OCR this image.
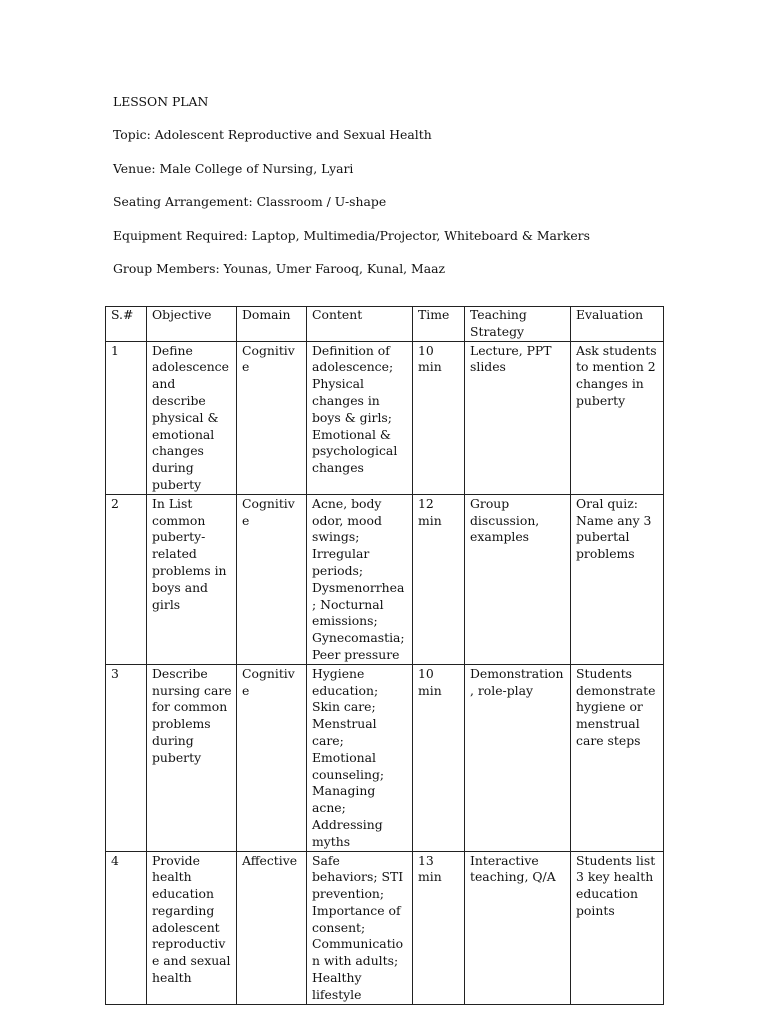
LESSON PLAN
Topic: Adolescent Reproductive and Sexual Health
Venue: Male College of Nursing, Lyari
Seating Arrangement: Classroom / U-shape
Equipment Required: Laptop, Multimedia/Projector, Whiteboard & Markers
Group Members: Younas, Umer Farooq, Kunal, Maaz
S.#	Objective	Domain	Content	Time	Teaching Strategy	Evaluation

1	Define adolescence and describe physical & emotional changes during puberty	Cognitive	Definition of adolescence; Physical changes in boys & girls; Emotional & psychological changes	10 min	Lecture, PPT slides	Ask students to mention 2 changes in puberty

2	In List common puberty-related problems in boys and girls	Cognitive	Acne, body odor, mood swings; Irregular periods; Dysmenorrhea; Nocturnal emissions; Gynecomastia; Peer pressure	12 min	Group discussion, examples	Oral quiz: Name any 3 pubertal problems

3	Describe nursing care for common problems during puberty	Cognitive	Hygiene education; Skin care; Menstrual care; Emotional counseling; Managing acne; Addressing myths	10 min	Demonstration, role-play	Students demonstrate hygiene or menstrual care steps

4	Provide health education regarding adolescent reproductive and sexual health	Affective	Safe behaviors; STI prevention; Importance of consent; Communication with adults; Healthy lifestyle	13 min	Interactive teaching, Q/A	Students list 3 key health education points
